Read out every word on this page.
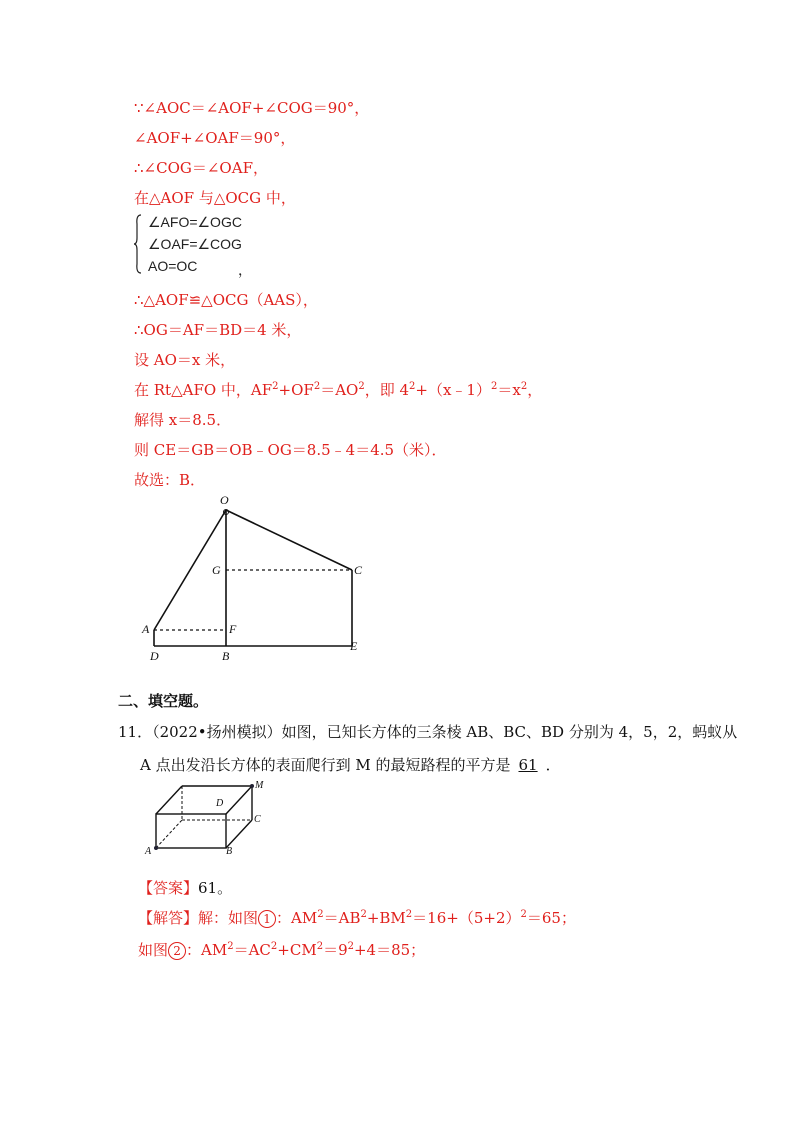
∵∠AOC＝∠AOF+∠COG＝90°，
∠AOF+∠OAF＝90°，
∴∠COG＝∠OAF，
在△AOF 与△OCG 中，
∠AFO=∠OGC
∠OAF=∠COG
AO=OC	，
∴△AOF≌△OCG（AAS），
∴OG＝AF＝BD＝4 米，
设 AO＝x 米，
在 Rt△AFO 中，$AF^2+OF^2=AO^2$，即 $4^2+(x﹣1)^2=x^2$，
解得 x＝8.5．
则 CE＝GB＝OB﹣OG＝8.5﹣4＝4.5（米）．
故选：B．
O
G	C
A	F
D	B
E
二、填空题。
11．（2022•扬州模拟）如图，已知长方体的三条棱 AB、BC、BD 分别为 4，5，2，蚂蚁从
A 点出发沿长方体的表面爬行到 M 的最短路程的平方是 61 ．
M
D
C
A	B
【答案】61。
【解答】解：如图 1 ：$AM^2=AB^2+BM^2=16+(5+2)^2=65$；
如图 2 ：$AM^2=AC^2+CM^2=9^2+4=85$；
